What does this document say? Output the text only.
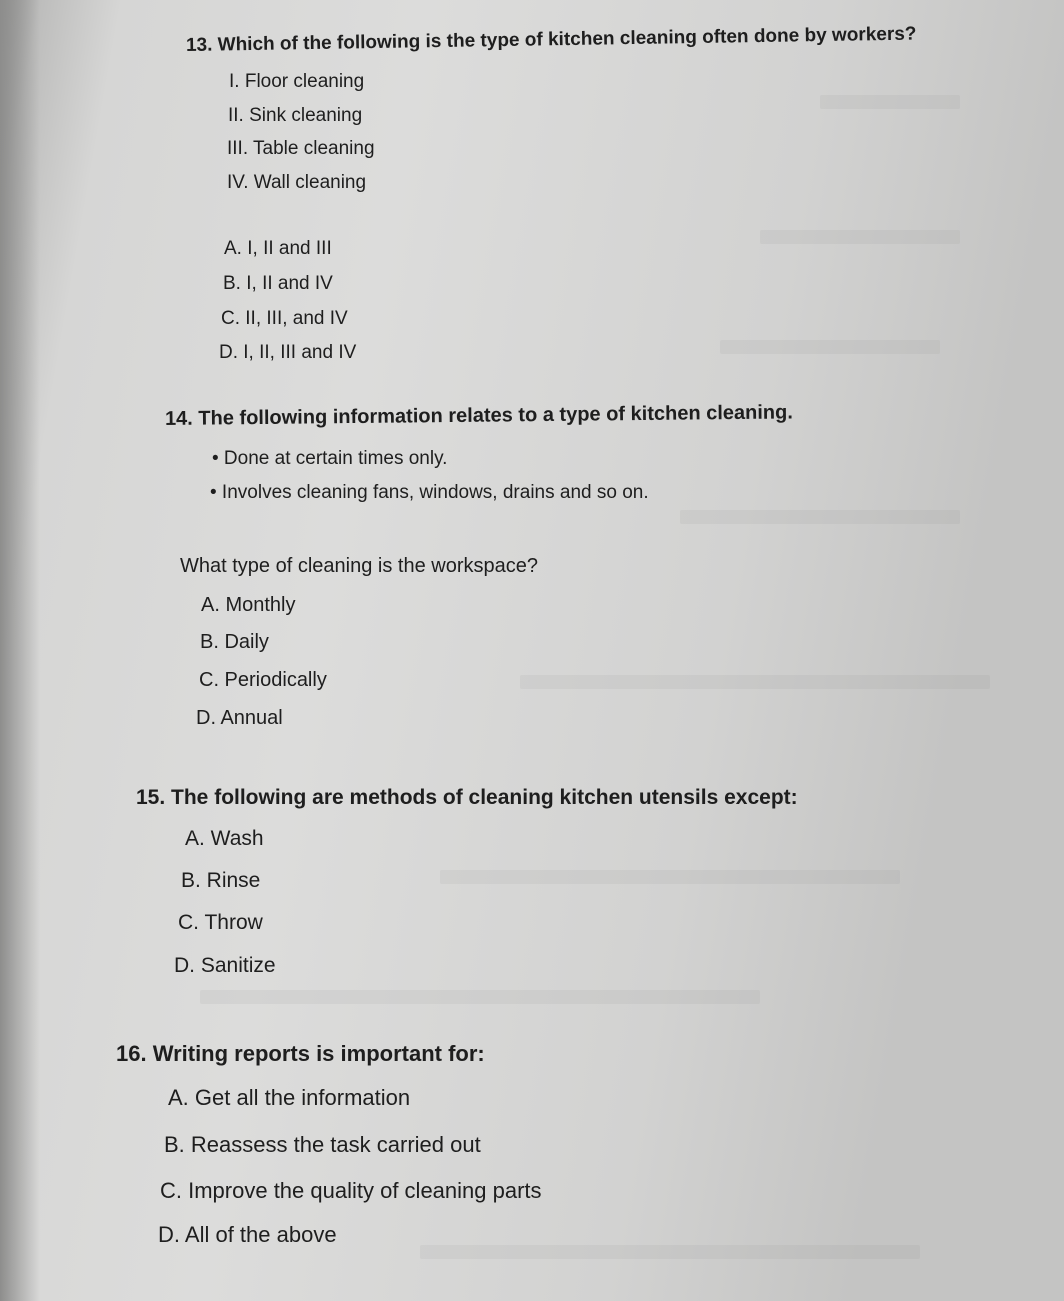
13. Which of the following is the type of kitchen cleaning often done by workers?
I. Floor cleaning
II. Sink cleaning
III. Table cleaning
IV. Wall cleaning
A. I, II and III
B. I, II and IV
C. II, III, and IV
D. I, II, III and IV
14. The following information relates to a type of kitchen cleaning.
• Done at certain times only.
• Involves cleaning fans, windows, drains and so on.
What type of cleaning is the workspace?
A. Monthly
B. Daily
C. Periodically
D. Annual
15. The following are methods of cleaning kitchen utensils except:
A. Wash
B. Rinse
C. Throw
D. Sanitize
16. Writing reports is important for:
A. Get all the information
B. Reassess the task carried out
C. Improve the quality of cleaning parts
D. All of the above
